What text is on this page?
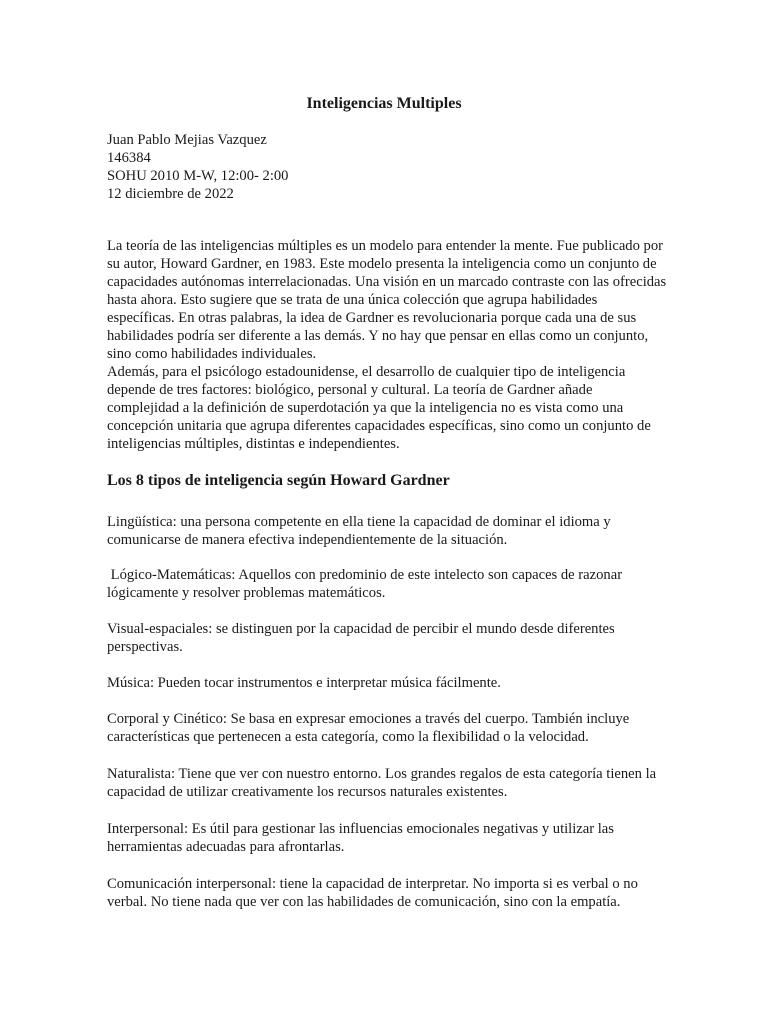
Inteligencias Multiples
Juan Pablo Mejias Vazquez
146384
SOHU 2010 M-W, 12:00- 2:00
12 diciembre de 2022

La teoría de las inteligencias múltiples es un modelo para entender la mente. Fue publicado por su autor, Howard Gardner, en 1983. Este modelo presenta la inteligencia como un conjunto de capacidades autónomas interrelacionadas. Una visión en un marcado contraste con las ofrecidas hasta ahora. Esto sugiere que se trata de una única colección que agrupa habilidades específicas. En otras palabras, la idea de Gardner es revolucionaria porque cada una de sus habilidades podría ser diferente a las demás. Y no hay que pensar en ellas como un conjunto, sino como habilidades individuales.

Además, para el psicólogo estadounidense, el desarrollo de cualquier tipo de inteligencia depende de tres factores: biológico, personal y cultural. La teoría de Gardner añade complejidad a la definición de superdotación ya que la inteligencia no es vista como una concepción unitaria que agrupa diferentes capacidades específicas, sino como un conjunto de inteligencias múltiples, distintas e independientes.

Los 8 tipos de inteligencia según Howard Gardner

Lingüística: una persona competente en ella tiene la capacidad de dominar el idioma y comunicarse de manera efectiva independientemente de la situación.

Lógico-Matemáticas: Aquellos con predominio de este intelecto son capaces de razonar lógicamente y resolver problemas matemáticos.

Visual-espaciales: se distinguen por la capacidad de percibir el mundo desde diferentes perspectivas.

Música: Pueden tocar instrumentos e interpretar música fácilmente.

Corporal y Cinético: Se basa en expresar emociones a través del cuerpo. También incluye características que pertenecen a esta categoría, como la flexibilidad o la velocidad.

Naturalista: Tiene que ver con nuestro entorno. Los grandes regalos de esta categoría tienen la capacidad de utilizar creativamente los recursos naturales existentes.

Interpersonal: Es útil para gestionar las influencias emocionales negativas y utilizar las herramientas adecuadas para afrontarlas.

Comunicación interpersonal: tiene la capacidad de interpretar. No importa si es verbal o no verbal. No tiene nada que ver con las habilidades de comunicación, sino con la empatía.
